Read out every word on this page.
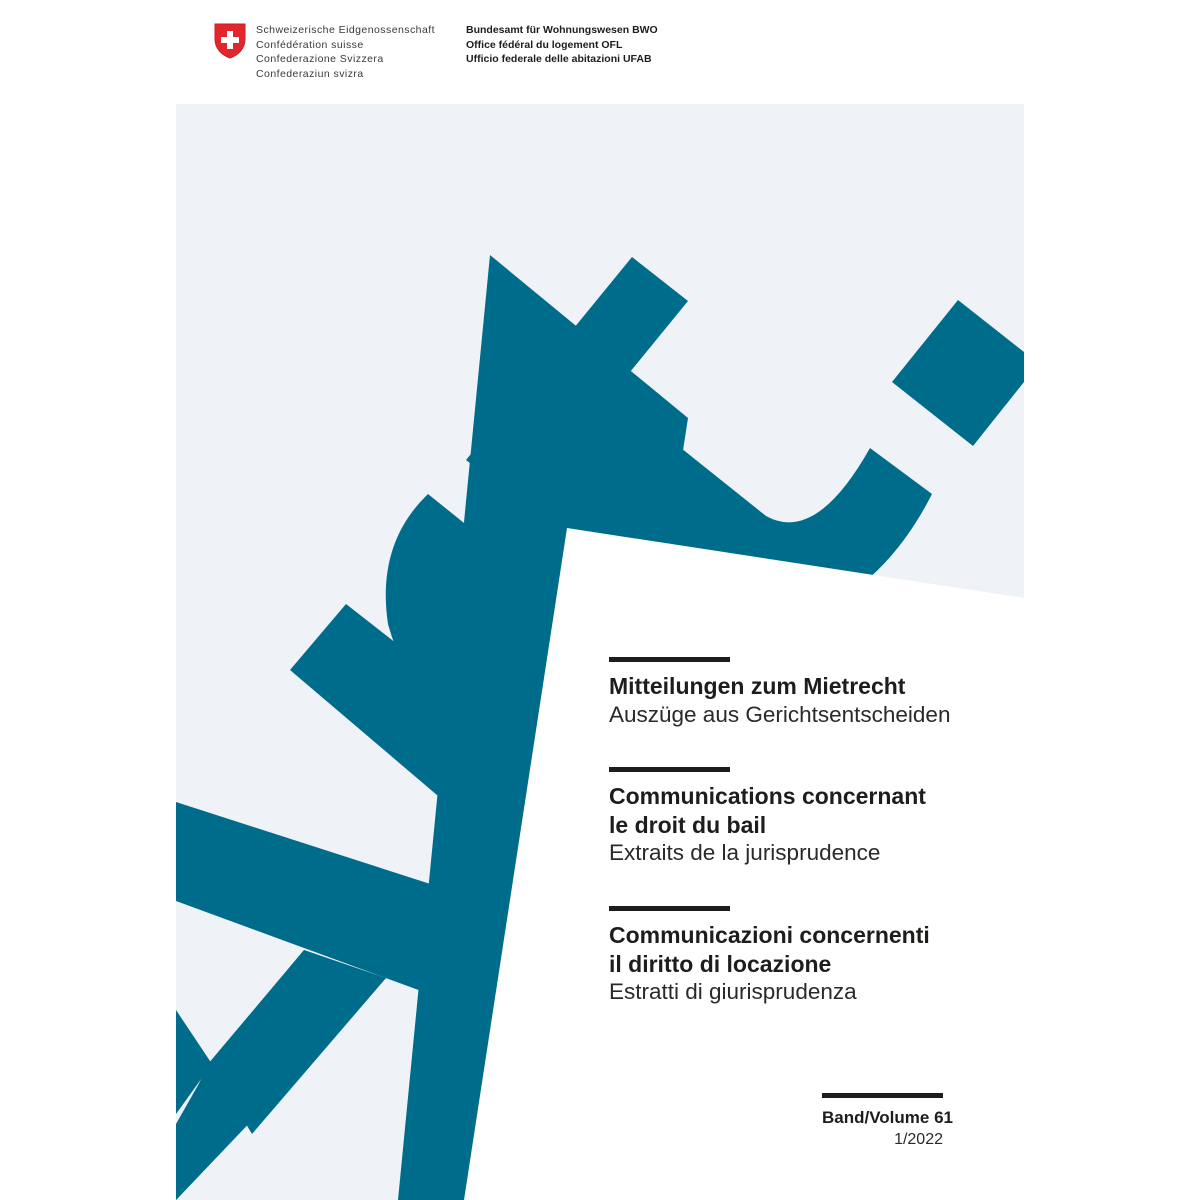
Schweizerische Eidgenossenschaft
Confédération suisse
Confederazione Svizzera
Confederaziun svizra
Bundesamt für Wohnungswesen BWO
Office fédéral du logement OFL
Ufficio federale delle abitazioni UFAB
Mitteilungen zum Mietrecht
Auszüge aus Gerichtsentscheiden
Communications concernant
le droit du bail
Extraits de la jurisprudence
Communicazioni concernenti
il diritto di locazione
Estratti di giurisprudenza
Band/Volume 61
1/2022
